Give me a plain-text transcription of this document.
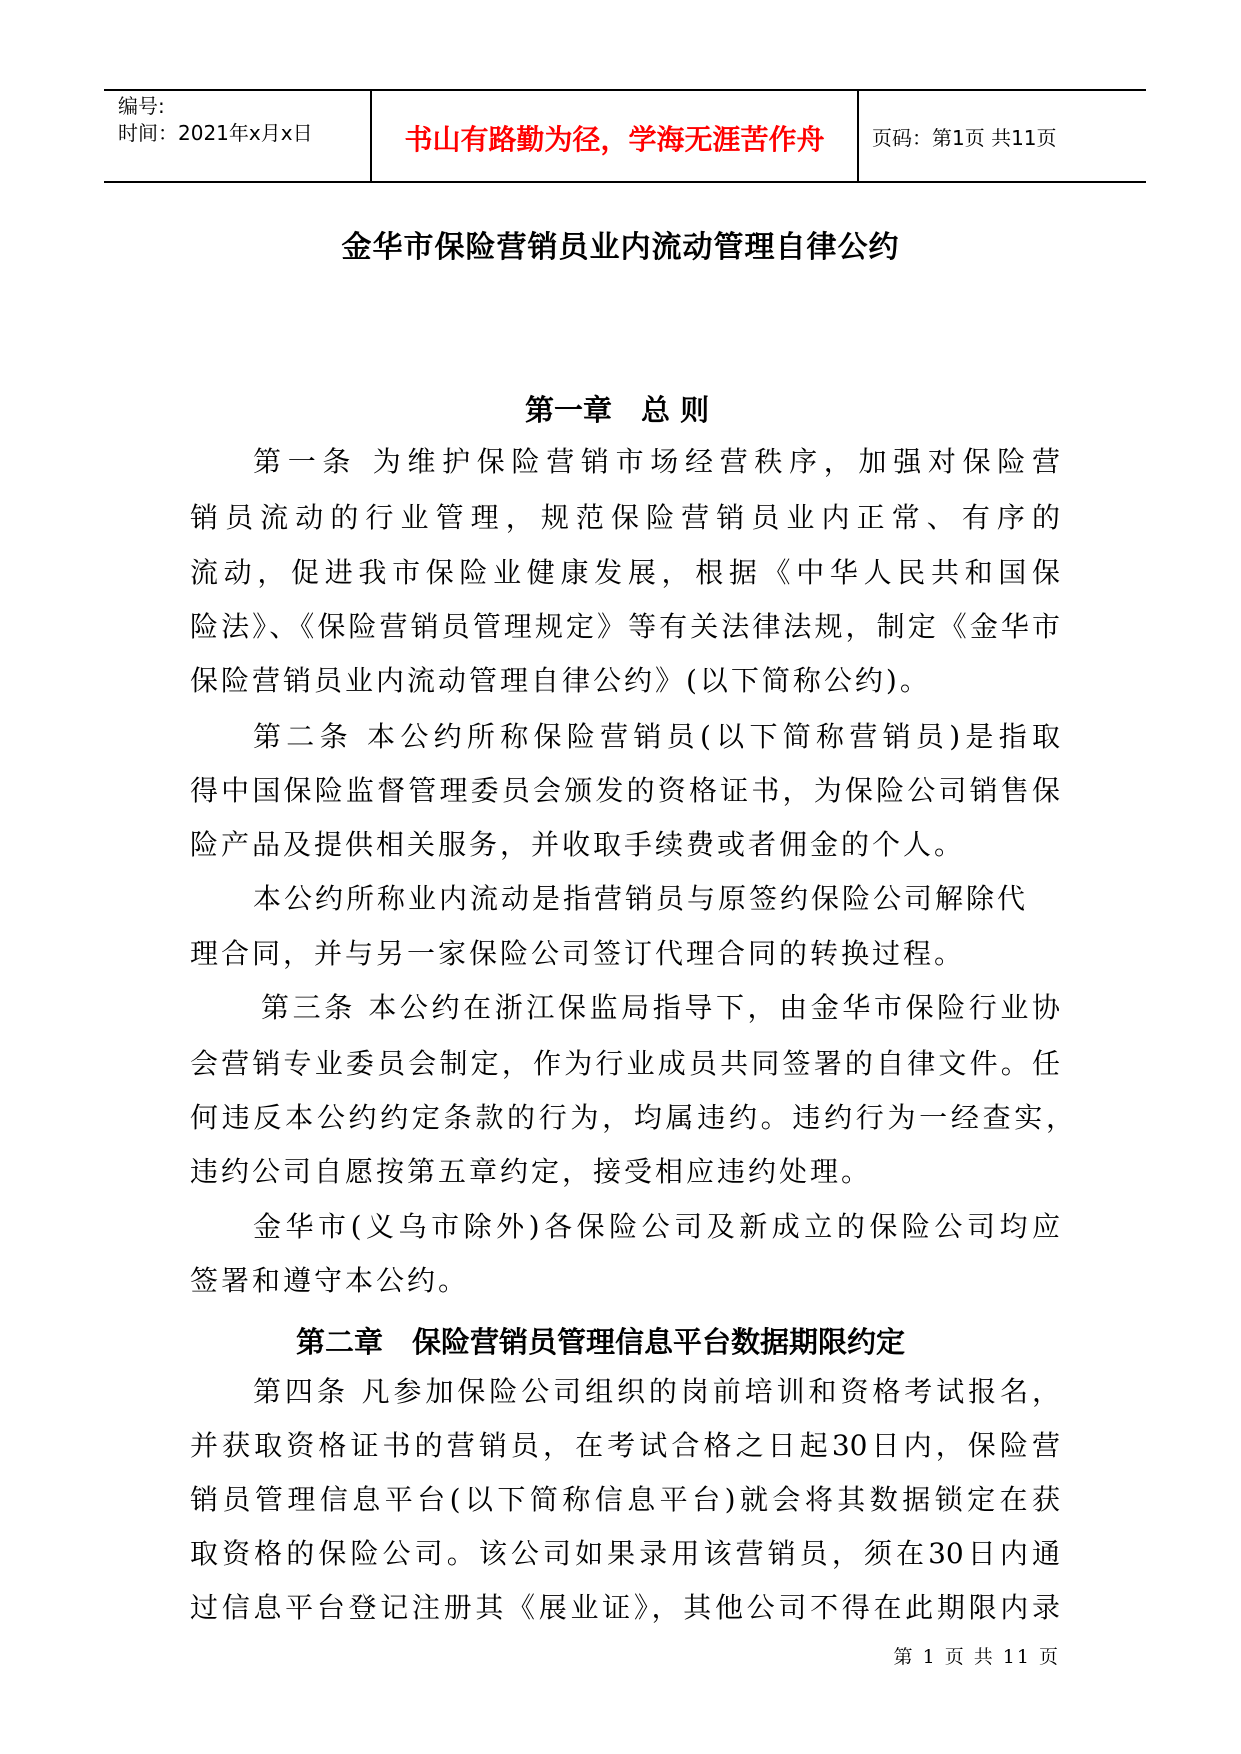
编号:
时间：2021年x月x日	书山有路勤为径，学海无涯苦作舟	页码：第1页 共11页
金华市保险营销员业内流动管理自律公约
第一章　总 则
第一条 为维护保险营销市场经营秩序，加强对保险营
销员流动的行业管理，规范保险营销员业内正常、有序的
流动，促进我市保险业健康发展，根据《中华人民共和国保
险法》、《保险营销员管理规定》等有关法律法规，制定《金华市
保险营销员业内流动管理自律公约》(以下简称公约)。
第二条 本公约所称保险营销员(以下简称营销员)是指取
得中国保险监督管理委员会颁发的资格证书，为保险公司销售保
险产品及提供相关服务，并收取手续费或者佣金的个人。
本公约所称业内流动是指营销员与原签约保险公司解除代
理合同，并与另一家保险公司签订代理合同的转换过程。
第三条 本公约在浙江保监局指导下，由金华市保险行业协
会营销专业委员会制定，作为行业成员共同签署的自律文件。任
何违反本公约约定条款的行为，均属违约。违约行为一经查实，
违约公司自愿按第五章约定，接受相应违约处理。
金华市(义乌市除外)各保险公司及新成立的保险公司均应
签署和遵守本公约。
第二章　保险营销员管理信息平台数据期限约定
第四条 凡参加保险公司组织的岗前培训和资格考试报名，
并获取资格证书的营销员，在考试合格之日起30日内，保险营
销员管理信息平台(以下简称信息平台)就会将其数据锁定在获
取资格的保险公司。该公司如果录用该营销员，须在30日内通
过信息平台登记注册其《展业证》，其他公司不得在此期限内录
第 1 页 共 11 页
